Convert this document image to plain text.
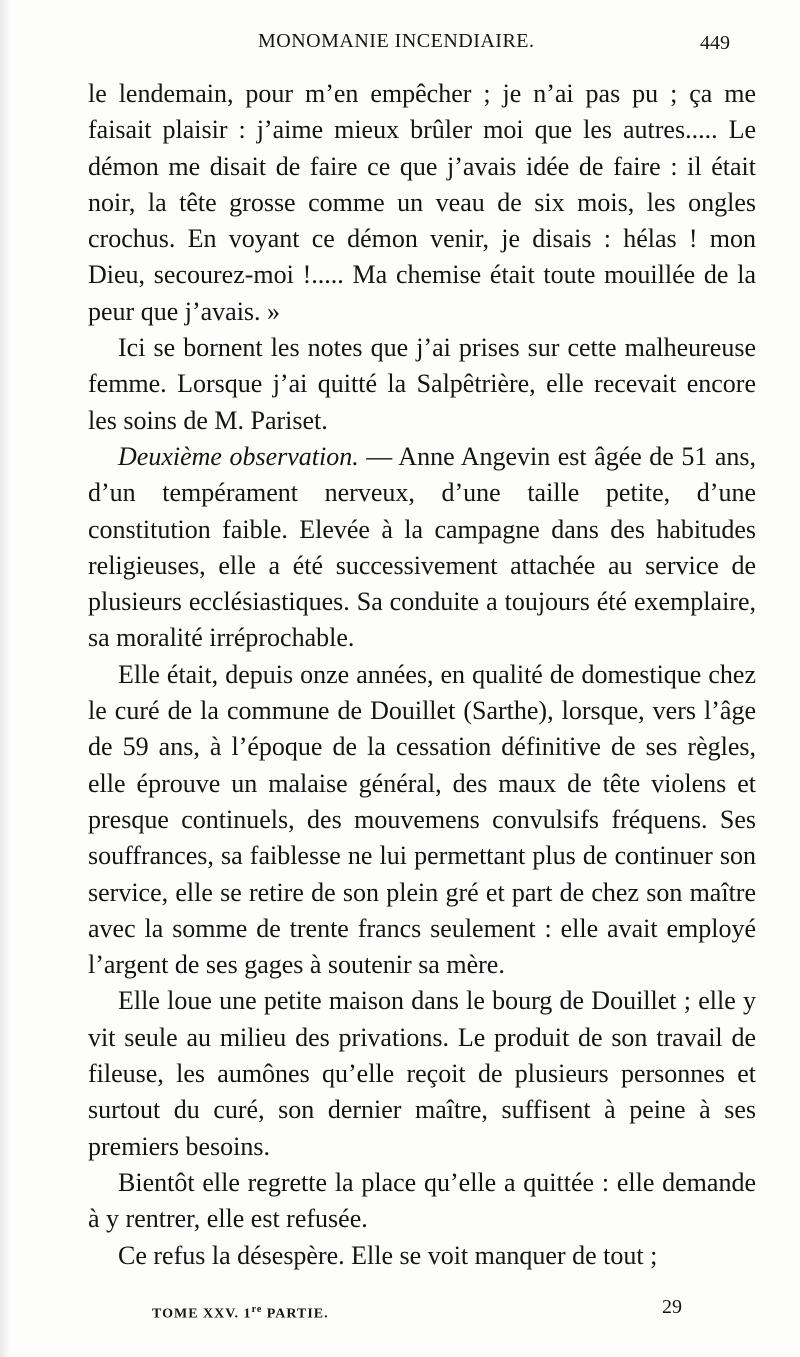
MONOMANIE INCENDIAIRE.	449

le lendemain, pour m’en empêcher ; je n’ai pas pu ; ça me faisait plaisir : j’aime mieux brûler moi que les autres..... Le démon me disait de faire ce que j’avais idée de faire : il était noir, la tête grosse comme un veau de six mois, les ongles crochus. En voyant ce démon venir, je disais : hélas ! mon Dieu, secourez-moi !..... Ma chemise était toute mouillée de la peur que j’avais. »

Ici se bornent les notes que j’ai prises sur cette malheureuse femme. Lorsque j’ai quitté la Salpêtrière, elle recevait encore les soins de M. Pariset.

Deuxième observation. — Anne Angevin est âgée de 51 ans, d’un tempérament nerveux, d’une taille petite, d’une constitution faible. Elevée à la campagne dans des habitudes religieuses, elle a été successivement attachée au service de plusieurs ecclésiastiques. Sa conduite a toujours été exemplaire, sa moralité irréprochable.

Elle était, depuis onze années, en qualité de domestique chez le curé de la commune de Douillet (Sarthe), lorsque, vers l’âge de 59 ans, à l’époque de la cessation définitive de ses règles, elle éprouve un malaise général, des maux de tête violens et presque continuels, des mouvemens convulsifs fréquens. Ses souffrances, sa faiblesse ne lui permettant plus de continuer son service, elle se retire de son plein gré et part de chez son maître avec la somme de trente francs seulement : elle avait employé l’argent de ses gages à soutenir sa mère.

Elle loue une petite maison dans le bourg de Douillet ; elle y vit seule au milieu des privations. Le produit de son travail de fileuse, les aumônes qu’elle reçoit de plusieurs personnes et surtout du curé, son dernier maître, suffisent à peine à ses premiers besoins.

Bientôt elle regrette la place qu’elle a quittée : elle demande à y rentrer, elle est refusée.

Ce refus la désespère. Elle se voit manquer de tout ;

TOME XXV. 1re PARTIE.	29
